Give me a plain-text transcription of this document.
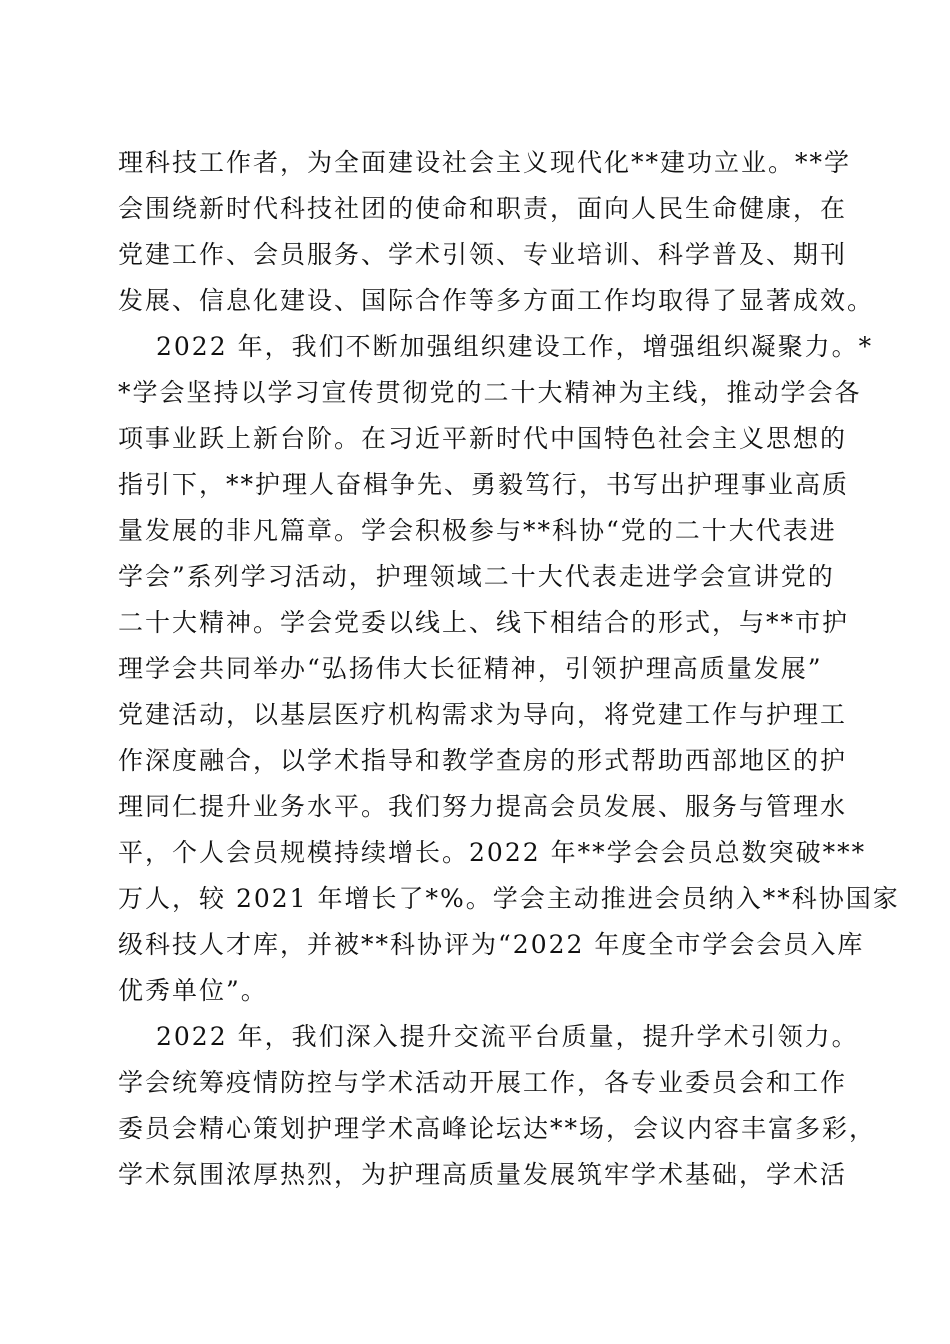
理科技工作者，为全面建设社会主义现代化**建功立业。**学
会围绕新时代科技社团的使命和职责，面向人民生命健康，在
党建工作、会员服务、学术引领、专业培训、科学普及、期刊
发展、信息化建设、国际合作等多方面工作均取得了显著成效。
2022 年，我们不断加强组织建设工作，增强组织凝聚力。*
*学会坚持以学习宣传贯彻党的二十大精神为主线，推动学会各
项事业跃上新台阶。在习近平新时代中国特色社会主义思想的
指引下，**护理人奋楫争先、勇毅笃行，书写出护理事业高质
量发展的非凡篇章。学会积极参与**科协“党的二十大代表进
学会”系列学习活动，护理领域二十大代表走进学会宣讲党的
二十大精神。学会党委以线上、线下相结合的形式，与**市护
理学会共同举办“弘扬伟大长征精神，引领护理高质量发展”
党建活动，以基层医疗机构需求为导向，将党建工作与护理工
作深度融合，以学术指导和教学查房的形式帮助西部地区的护
理同仁提升业务水平。我们努力提高会员发展、服务与管理水
平，个人会员规模持续增长。2022 年**学会会员总数突破***
万人，较 2021 年增长了*%。学会主动推进会员纳入**科协国家
级科技人才库，并被**科协评为“2022 年度全市学会会员入库
优秀单位”。
2022 年，我们深入提升交流平台质量，提升学术引领力。
学会统筹疫情防控与学术活动开展工作，各专业委员会和工作
委员会精心策划护理学术高峰论坛达**场，会议内容丰富多彩，
学术氛围浓厚热烈，为护理高质量发展筑牢学术基础，学术活
